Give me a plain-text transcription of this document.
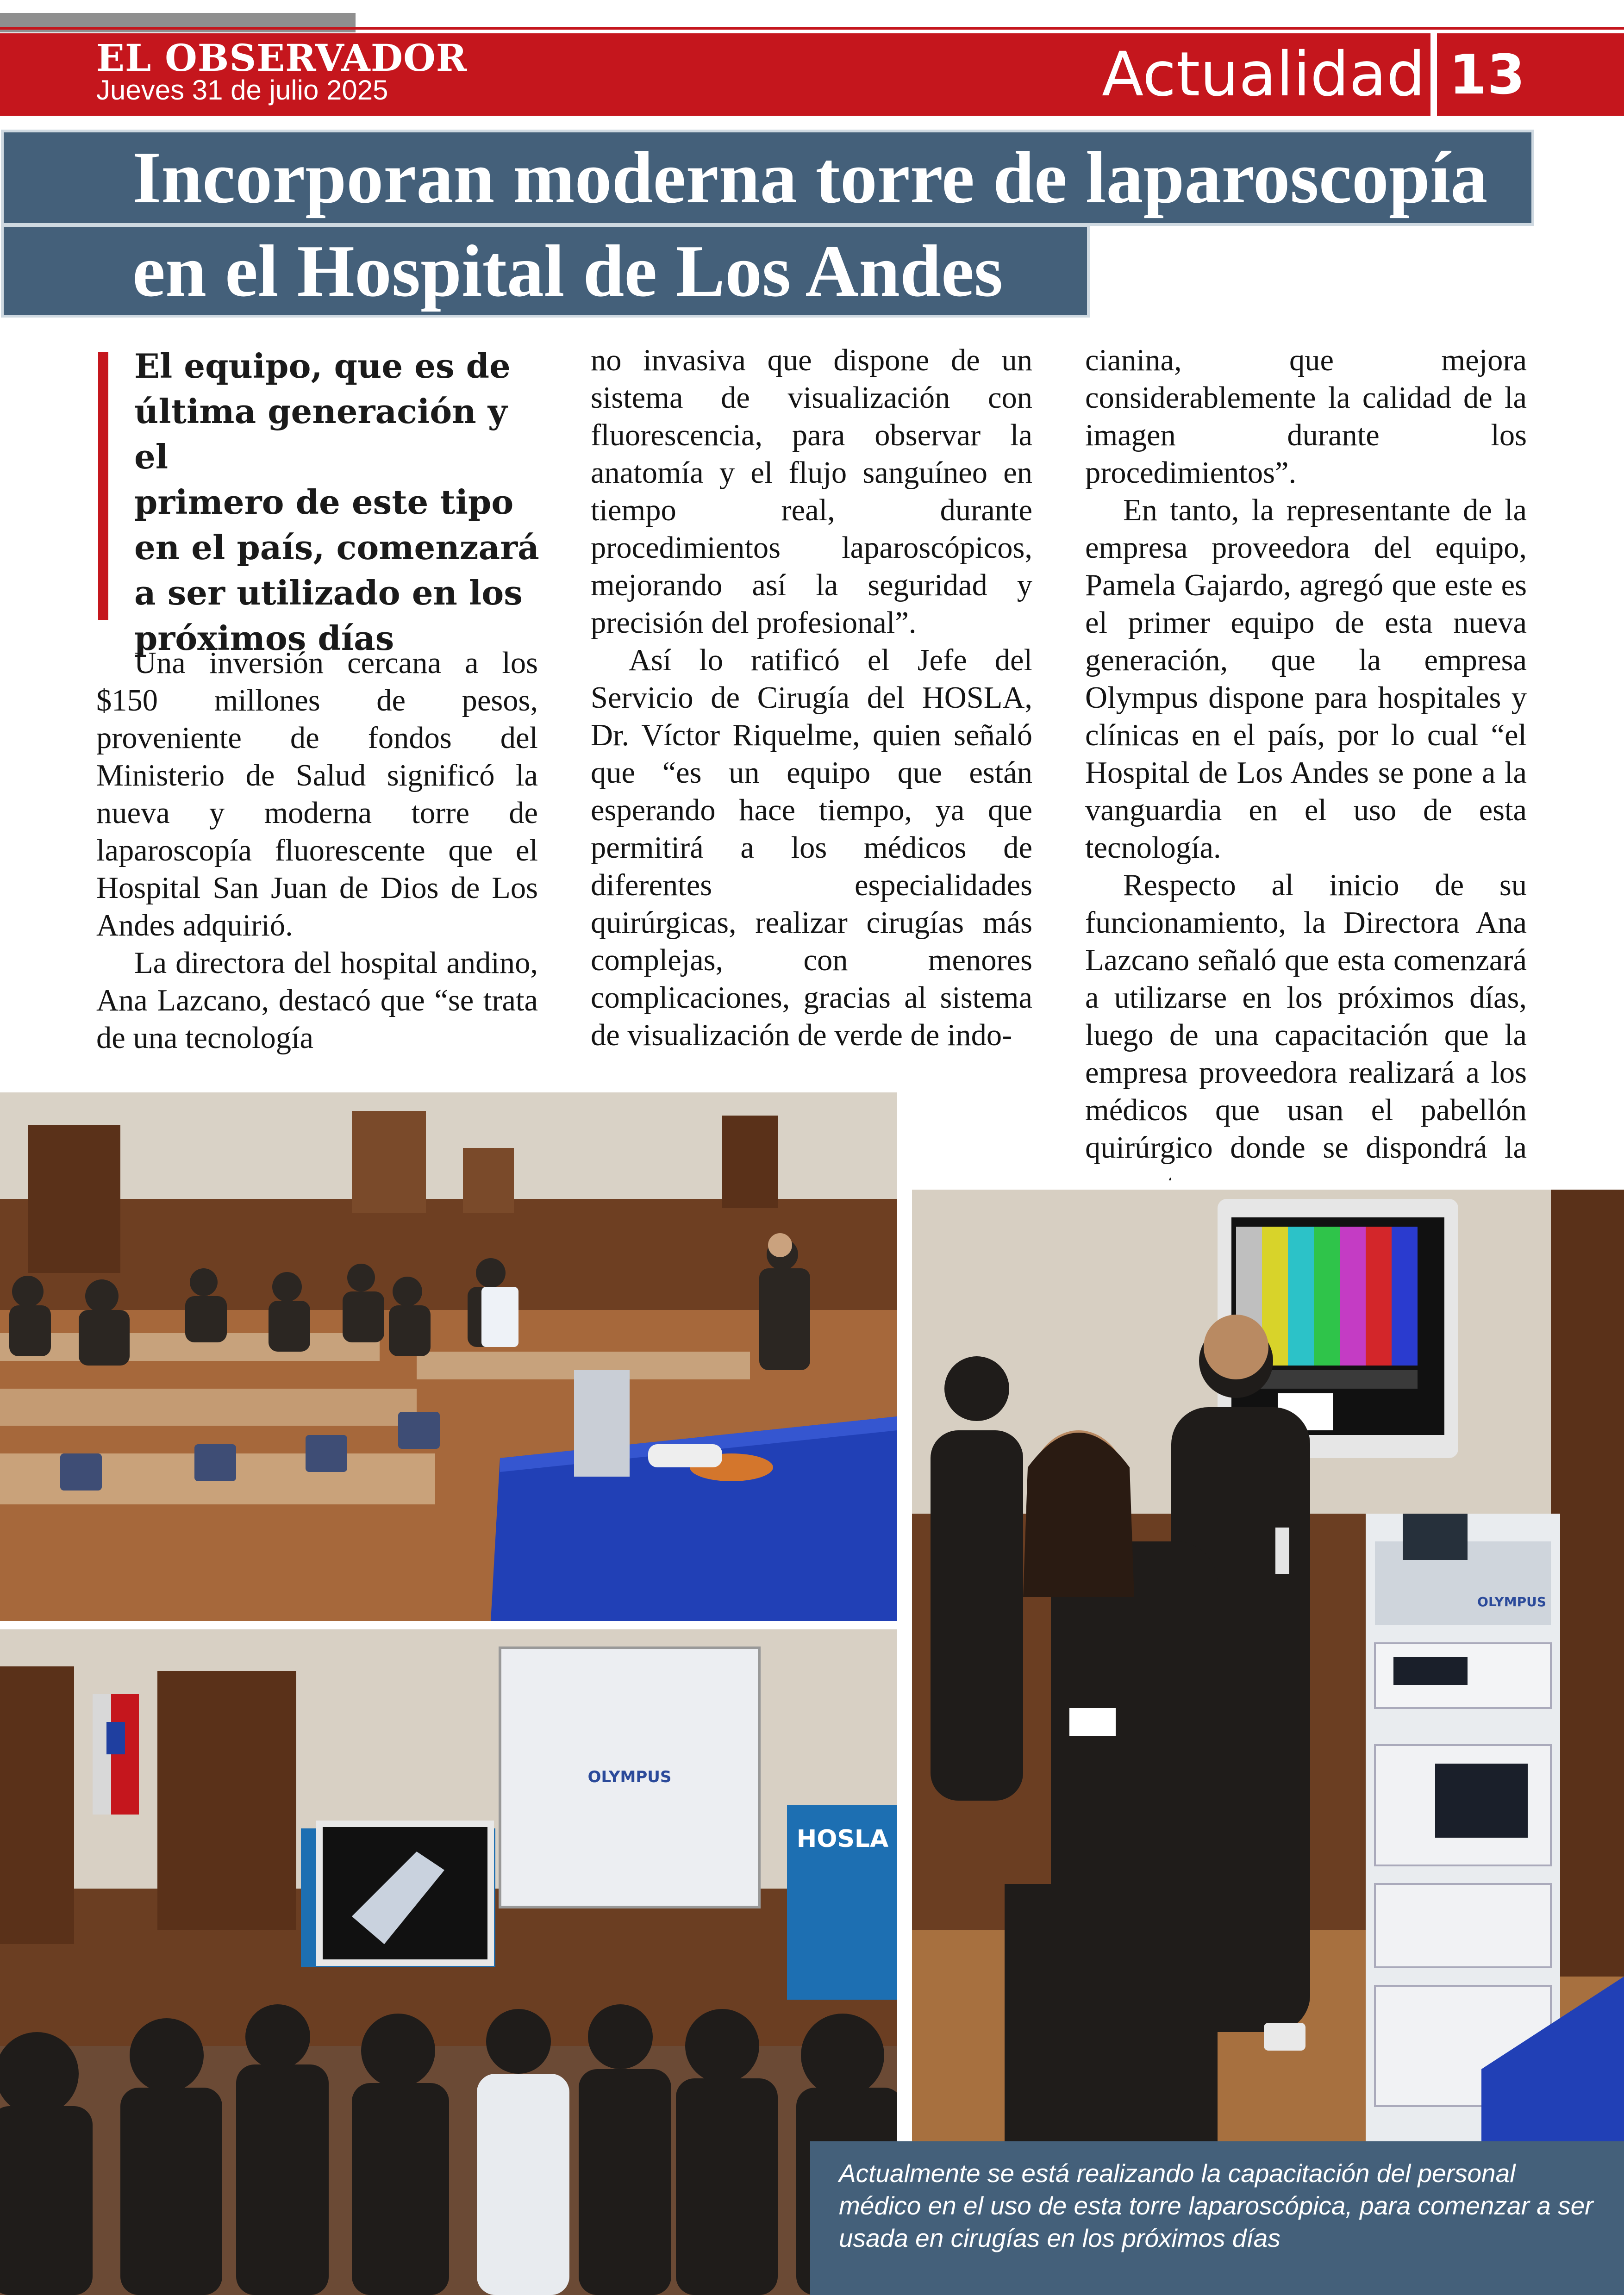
EL OBSERVADOR
Jueves 31 de julio 2025	Actualidad 13
Incorporan moderna torre de laparoscopía
en el Hospital de Los Andes
El equipo, que es de
última generación y el
primero de este tipo
en el país, comenzará
a ser utilizado en los
próximos días

Una inversión cercana a los $150 millones de pesos, proveniente de fondos del Ministerio de Salud significó la nueva y moderna torre de laparoscopía fluorescente que el Hospital San Juan de Dios de Los Andes adquirió.

La directora del hospital andino, Ana Lazcano, destacó que “se trata de una tecnología

no invasiva que dispone de un sistema de visualización con fluorescencia, para observar la anatomía y el flujo sanguíneo en tiempo real, durante procedimientos laparoscópicos, mejorando así la seguridad y precisión del profesional”.

Así lo ratificó el Jefe del Servicio de Cirugía del HOSLA, Dr. Víctor Riquelme, quien señaló que “es un equipo que están esperando hace tiempo, ya que permitirá a los médicos de diferentes especialidades quirúrgicas, realizar cirugías más complejas, con menores complicaciones, gracias al sistema de visualización de verde de indo-

cianina, que mejora considerablemente la calidad de la imagen durante los procedimientos”.

En tanto, la representante de la empresa proveedora del equipo, Pamela Gajardo, agregó que este es el primer equipo de esta nueva generación, que la empresa Olympus dispone para hospitales y clínicas en el país, por lo cual “el Hospital de Los Andes se pone a la vanguardia en el uso de esta tecnología.

Respecto al inicio de su funcionamiento, la Directora Ana Lazcano señaló que esta comenzará a utilizarse en los próximos días, luego de una capacitación que la empresa proveedora realizará a los médicos que usan el pabellón quirúrgico donde se dispondrá la

OLYMPUS
HOSLA
OLYMPUS
Actualmente se está realizando la capacitación del personal médico en el uso de esta torre laparoscópica, para comenzar a ser usada en cirugías en los próximos días
